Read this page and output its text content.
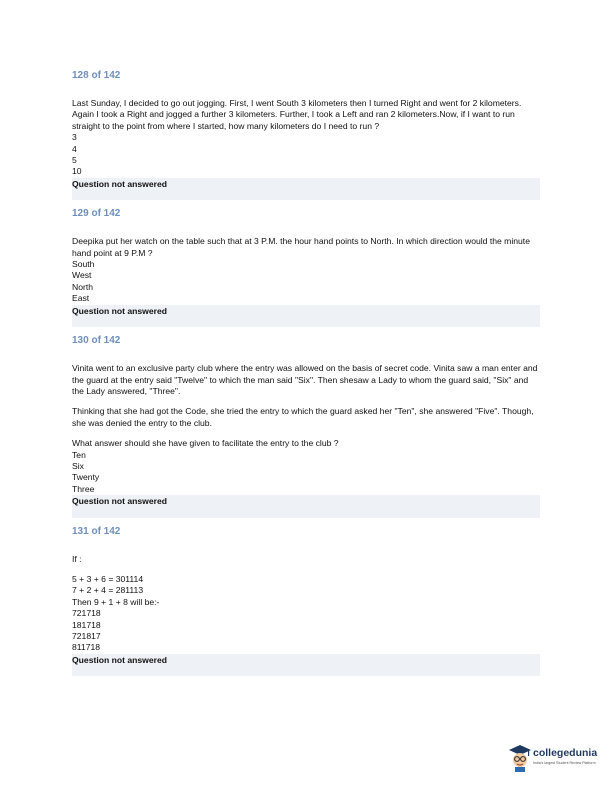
128 of 142

Last Sunday, I decided to go out jogging. First, I went South 3 kilometers then I turned Right and went for 2 kilometers. Again I took a Right and jogged a further 3 kilometers. Further, I took a Left and ran 2 kilometers.Now, if I want to run straight to the point from where I started, how many kilometers do I need to run ?

3
4
5
10
Question not answered
129 of 142

Deepika put her watch on the table such that at 3 P.M. the hour hand points to North. In which direction would the minute hand point at 9 P.M ?

South
West
North
East
Question not answered
130 of 142

Vinita went to an exclusive party club where the entry was allowed on the basis of secret code. Vinita saw a man enter and the guard at the entry said "Twelve" to which the man said "Six". Then shesaw a Lady to whom the guard said, "Six" and the Lady answered, "Three".

Thinking that she had got the Code, she tried the entry to which the guard asked her "Ten", she answered "Five". Though, she was denied the entry to the club.

What answer should she have given to facilitate the entry to the club ?

Ten
Six
Twenty
Three
Question not answered
131 of 142

If :

5 + 3 + 6 = 301114
7 + 2 + 4 = 281113
Then 9 + 1 + 8 will be:-

721718
181718
721817
811718
Question not answered
collegedunia
India's largest Student Review Platform
